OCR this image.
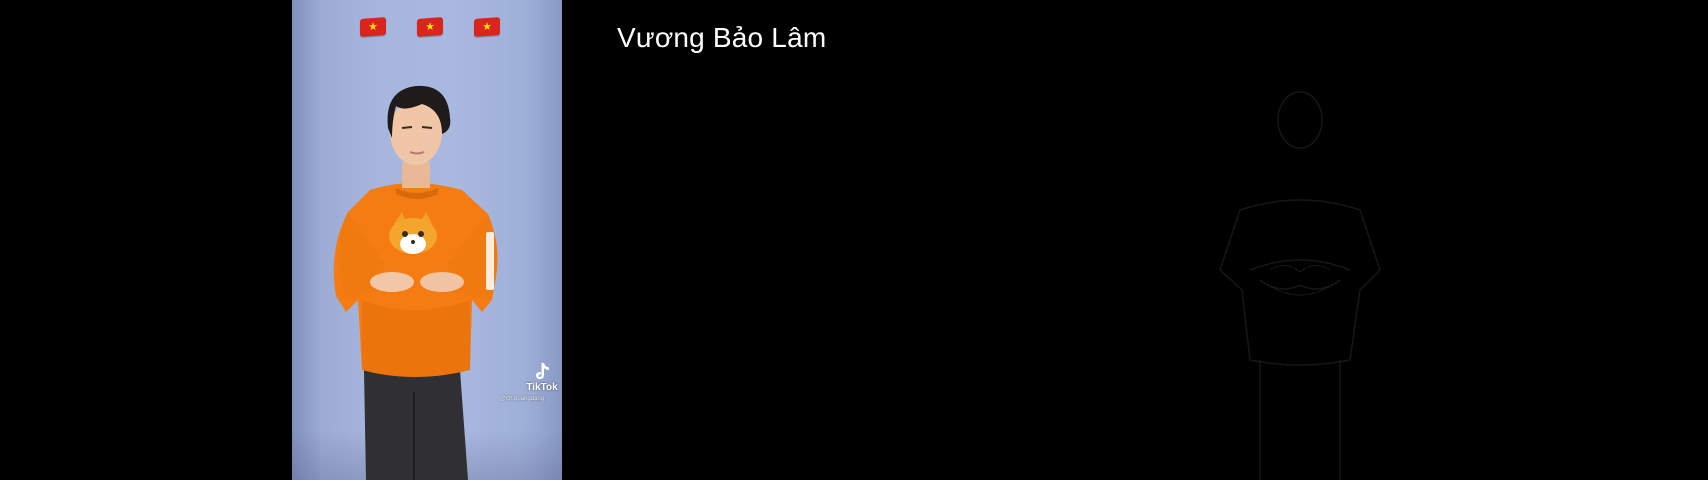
★	★	★
TikTok
@ch.quangdang
Vương Bảo Lâm
